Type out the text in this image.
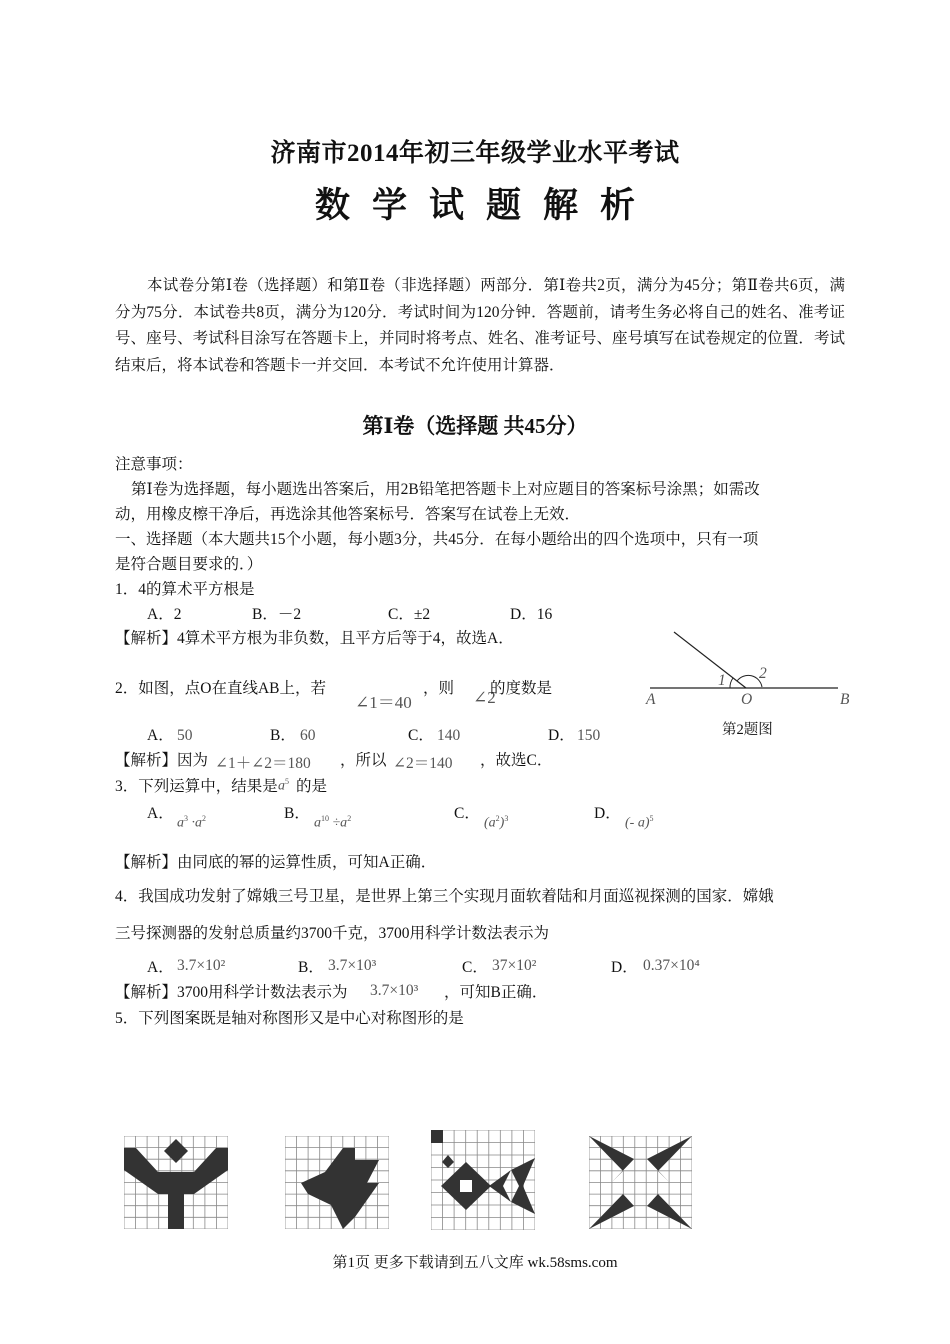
济南市2014年初三年级学业水平考试
数学试题解析
本试卷分第Ⅰ卷（选择题）和第Ⅱ卷（非选择题）两部分．第Ⅰ卷共2页，满分为45分；第Ⅱ卷共6页，满分为75分．本试卷共8页，满分为120分．考试时间为120分钟．答题前，请考生务必将自己的姓名、准考证号、座号、考试科目涂写在答题卡上，并同时将考点、姓名、准考证号、座号填写在试卷规定的位置．考试结束后，将本试卷和答题卡一并交回．本考试不允许使用计算器．
第Ⅰ卷（选择题 共45分）
注意事项：
第Ⅰ卷为选择题，每小题选出答案后，用2B铅笔把答题卡上对应题目的答案标号涂黑；如需改
动，用橡皮檫干净后，再选涂其他答案标号．答案写在试卷上无效．
一、选择题（本大题共15个小题，每小题3分，共45分．在每小题给出的四个选项中，只有一项
是符合题目要求的．）
1．4的算术平方根是
A．2	B．－2	C．±2	D．16
【解析】4算术平方根为非负数，且平方后等于4，故选A．
2．如图，点O在直线AB上，若
∠1＝40
，则 ∠2
的度数是
A． 50	B． 60	C． 140	D． 150
【解析】因为 ∠1＋∠2＝180 ，所以 ∠2＝140 ，故选C．
A	B
O
1 2
第2题图
3．下列运算中，结果是 $a^5$ 的是
A．
$a^3 \cdot a^2$	B．
$a^{10} \div a^2$	C．
$(a^2)^3$	D．
(- a)$^5$
【解析】由同底的幂的运算性质，可知A正确．
4．我国成功发射了嫦娥三号卫星，是世界上第三个实现月面软着陆和月面巡视探测的国家．嫦娥
三号探测器的发射总质量约3700千克，3700用科学计数法表示为
A． 3.7×10²	B． 3.7×10³	C． 37×10²	D． 0.37×10⁴
【解析】3700用科学计数法表示为 3.7×10³ ，可知B正确．
5．下列图案既是轴对称图形又是中心对称图形的是
第1页 更多下载请到五八文库 wk.58sms.com
